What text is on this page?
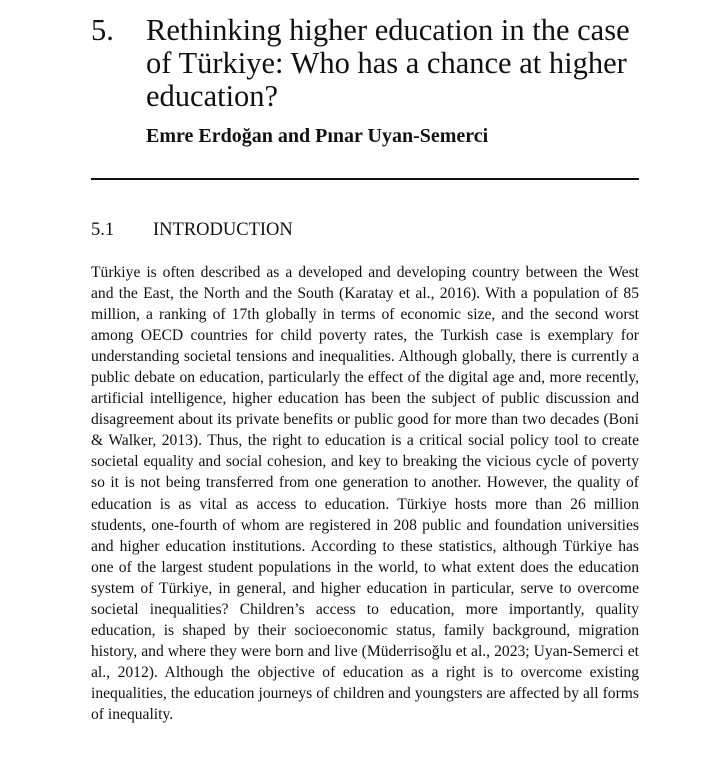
5. Rethinking higher education in the case of Türkiye: Who has a chance at higher education?
Emre Erdoğan and Pınar Uyan-Semerci
5.1 INTRODUCTION

Türkiye is often described as a developed and developing country between the West and the East, the North and the South (Karatay et al., 2016). With a population of 85 million, a ranking of 17th globally in terms of economic size, and the second worst among OECD countries for child poverty rates, the Turkish case is exemplary for understanding societal tensions and inequalities. Although globally, there is currently a public debate on education, particularly the effect of the digital age and, more recently, artificial intelligence, higher education has been the subject of public discussion and disagreement about its private benefits or public good for more than two decades (Boni & Walker, 2013). Thus, the right to education is a critical social policy tool to create societal equality and social cohesion, and key to breaking the vicious cycle of poverty so it is not being transferred from one generation to another. However, the quality of education is as vital as access to education. Türkiye hosts more than 26 million students, one-fourth of whom are registered in 208 public and foundation universities and higher education institutions. According to these statistics, although Türkiye has one of the largest student populations in the world, to what extent does the education system of Türkiye, in general, and higher education in particular, serve to overcome societal inequalities? Children’s access to education, more importantly, quality education, is shaped by their socioeconomic status, family background, migration history, and where they were born and live (Müderrisoğlu et al., 2023; Uyan-Semerci et al., 2012). Although the objective of education as a right is to overcome existing inequalities, the education journeys of children and youngsters are affected by all forms of inequality.
